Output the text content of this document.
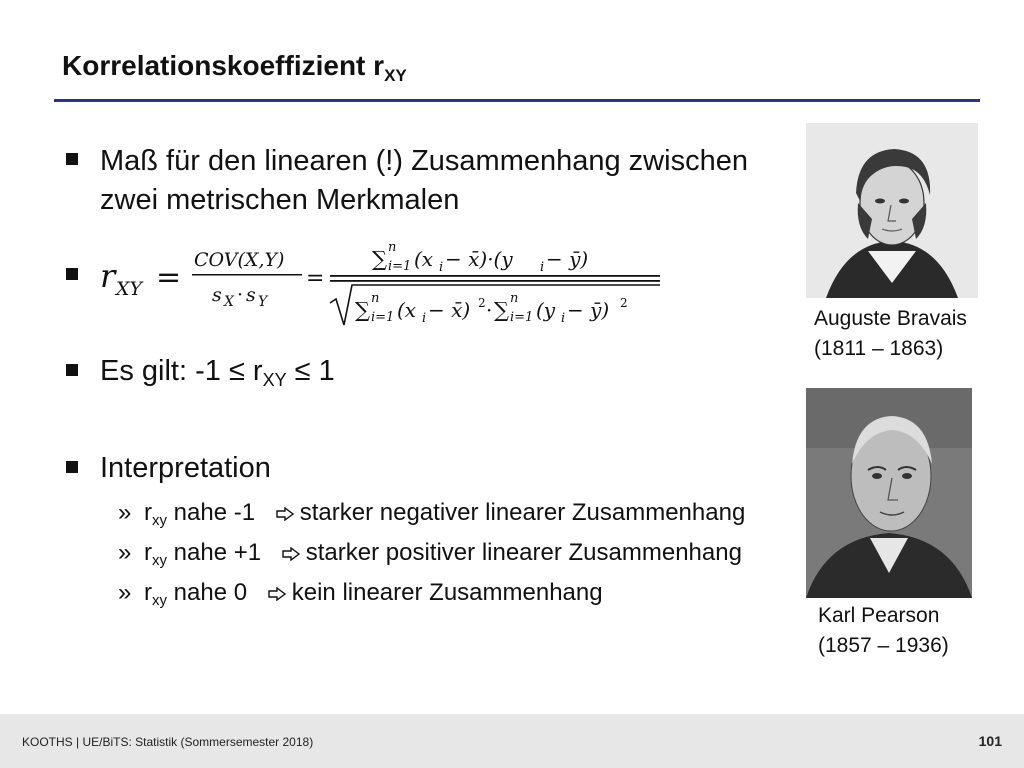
Korrelationskoeffizient $r_{XY}$
Maß für den linearen (!) Zusammenhang zwischen
zwei metrischen Merkmalen
r XY = COV(X,Y)
s X · s Y
=
∑ n
i=1 (x i − x̄)·(y i − ȳ)
∑ n
i=1 (x i − x̄) 2 · ∑ n
i=1 (y i − ȳ) 2
Es gilt: $-1 \le r_{XY} \le 1$
Interpretation
» $r_{xy}$ nahe -1 starker negativer linearer Zusammenhang
» $r_{xy}$ nahe +1 starker positiver linearer Zusammenhang
» $r_{xy}$ nahe 0 kein linearer Zusammenhang
Auguste Bravais
(1811 – 1863)
Karl Pearson
(1857 – 1936)
KOOTHS | UE/BiTS: Statistik (Sommersemester 2018)	101
